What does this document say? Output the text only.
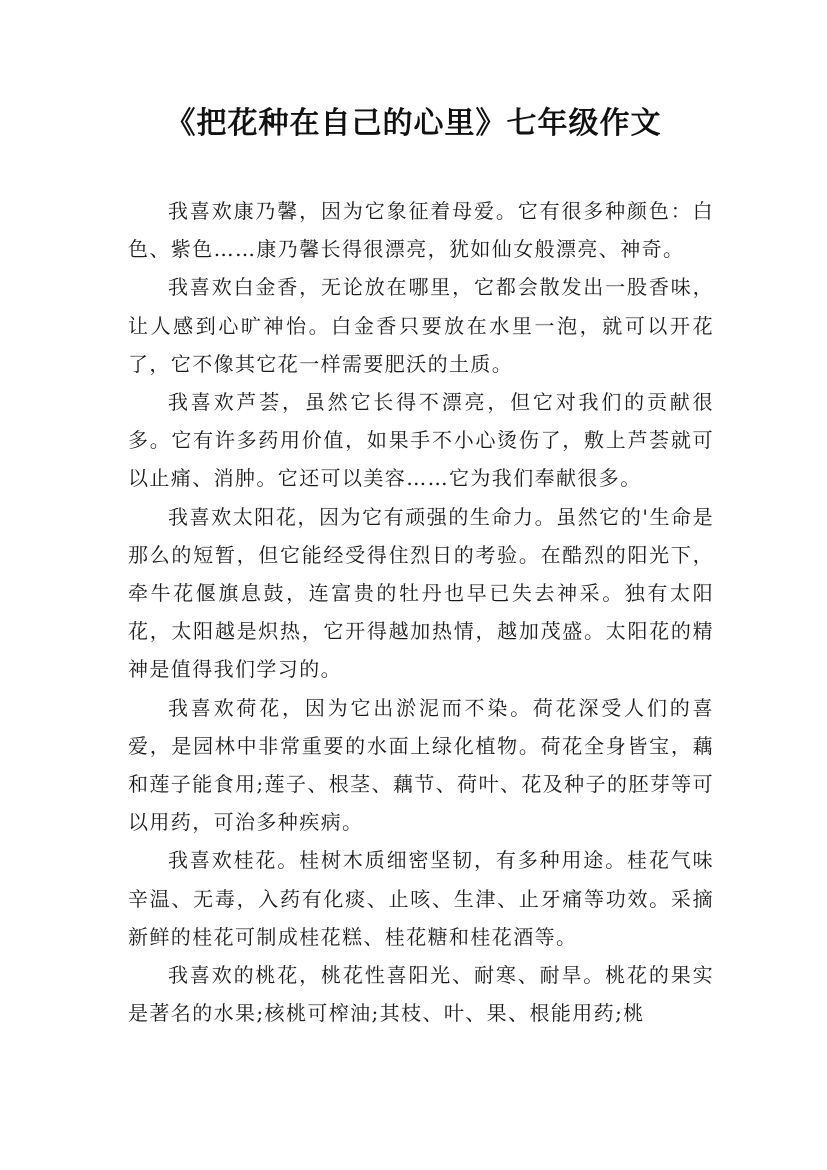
《把花种在自己的心里》七年级作文

我喜欢康乃馨，因为它象征着母爱。它有很多种颜色：白色、紫色……康乃馨长得很漂亮，犹如仙女般漂亮、神奇。

我喜欢白金香，无论放在哪里，它都会散发出一股香味，让人感到心旷神怡。白金香只要放在水里一泡，就可以开花了，它不像其它花一样需要肥沃的土质。

我喜欢芦荟，虽然它长得不漂亮，但它对我们的贡献很多。它有许多药用价值，如果手不小心烫伤了，敷上芦荟就可以止痛、消肿。它还可以美容……它为我们奉献很多。

我喜欢太阳花，因为它有顽强的生命力。虽然它的'生命是那么的短暂，但它能经受得住烈日的考验。在酷烈的阳光下，牵牛花偃旗息鼓，连富贵的牡丹也早已失去神采。独有太阳花，太阳越是炽热，它开得越加热情，越加茂盛。太阳花的精神是值得我们学习的。

我喜欢荷花，因为它出淤泥而不染。荷花深受人们的喜爱，是园林中非常重要的水面上绿化植物。荷花全身皆宝，藕和莲子能食用;莲子、根茎、藕节、荷叶、花及种子的胚芽等可以用药，可治多种疾病。

我喜欢桂花。桂树木质细密坚韧，有多种用途。桂花气味辛温、无毒，入药有化痰、止咳、生津、止牙痛等功效。采摘新鲜的桂花可制成桂花糕、桂花糖和桂花酒等。

我喜欢的桃花，桃花性喜阳光、耐寒、耐旱。桃花的果实是著名的水果;核桃可榨油;其枝、叶、果、根能用药;桃
